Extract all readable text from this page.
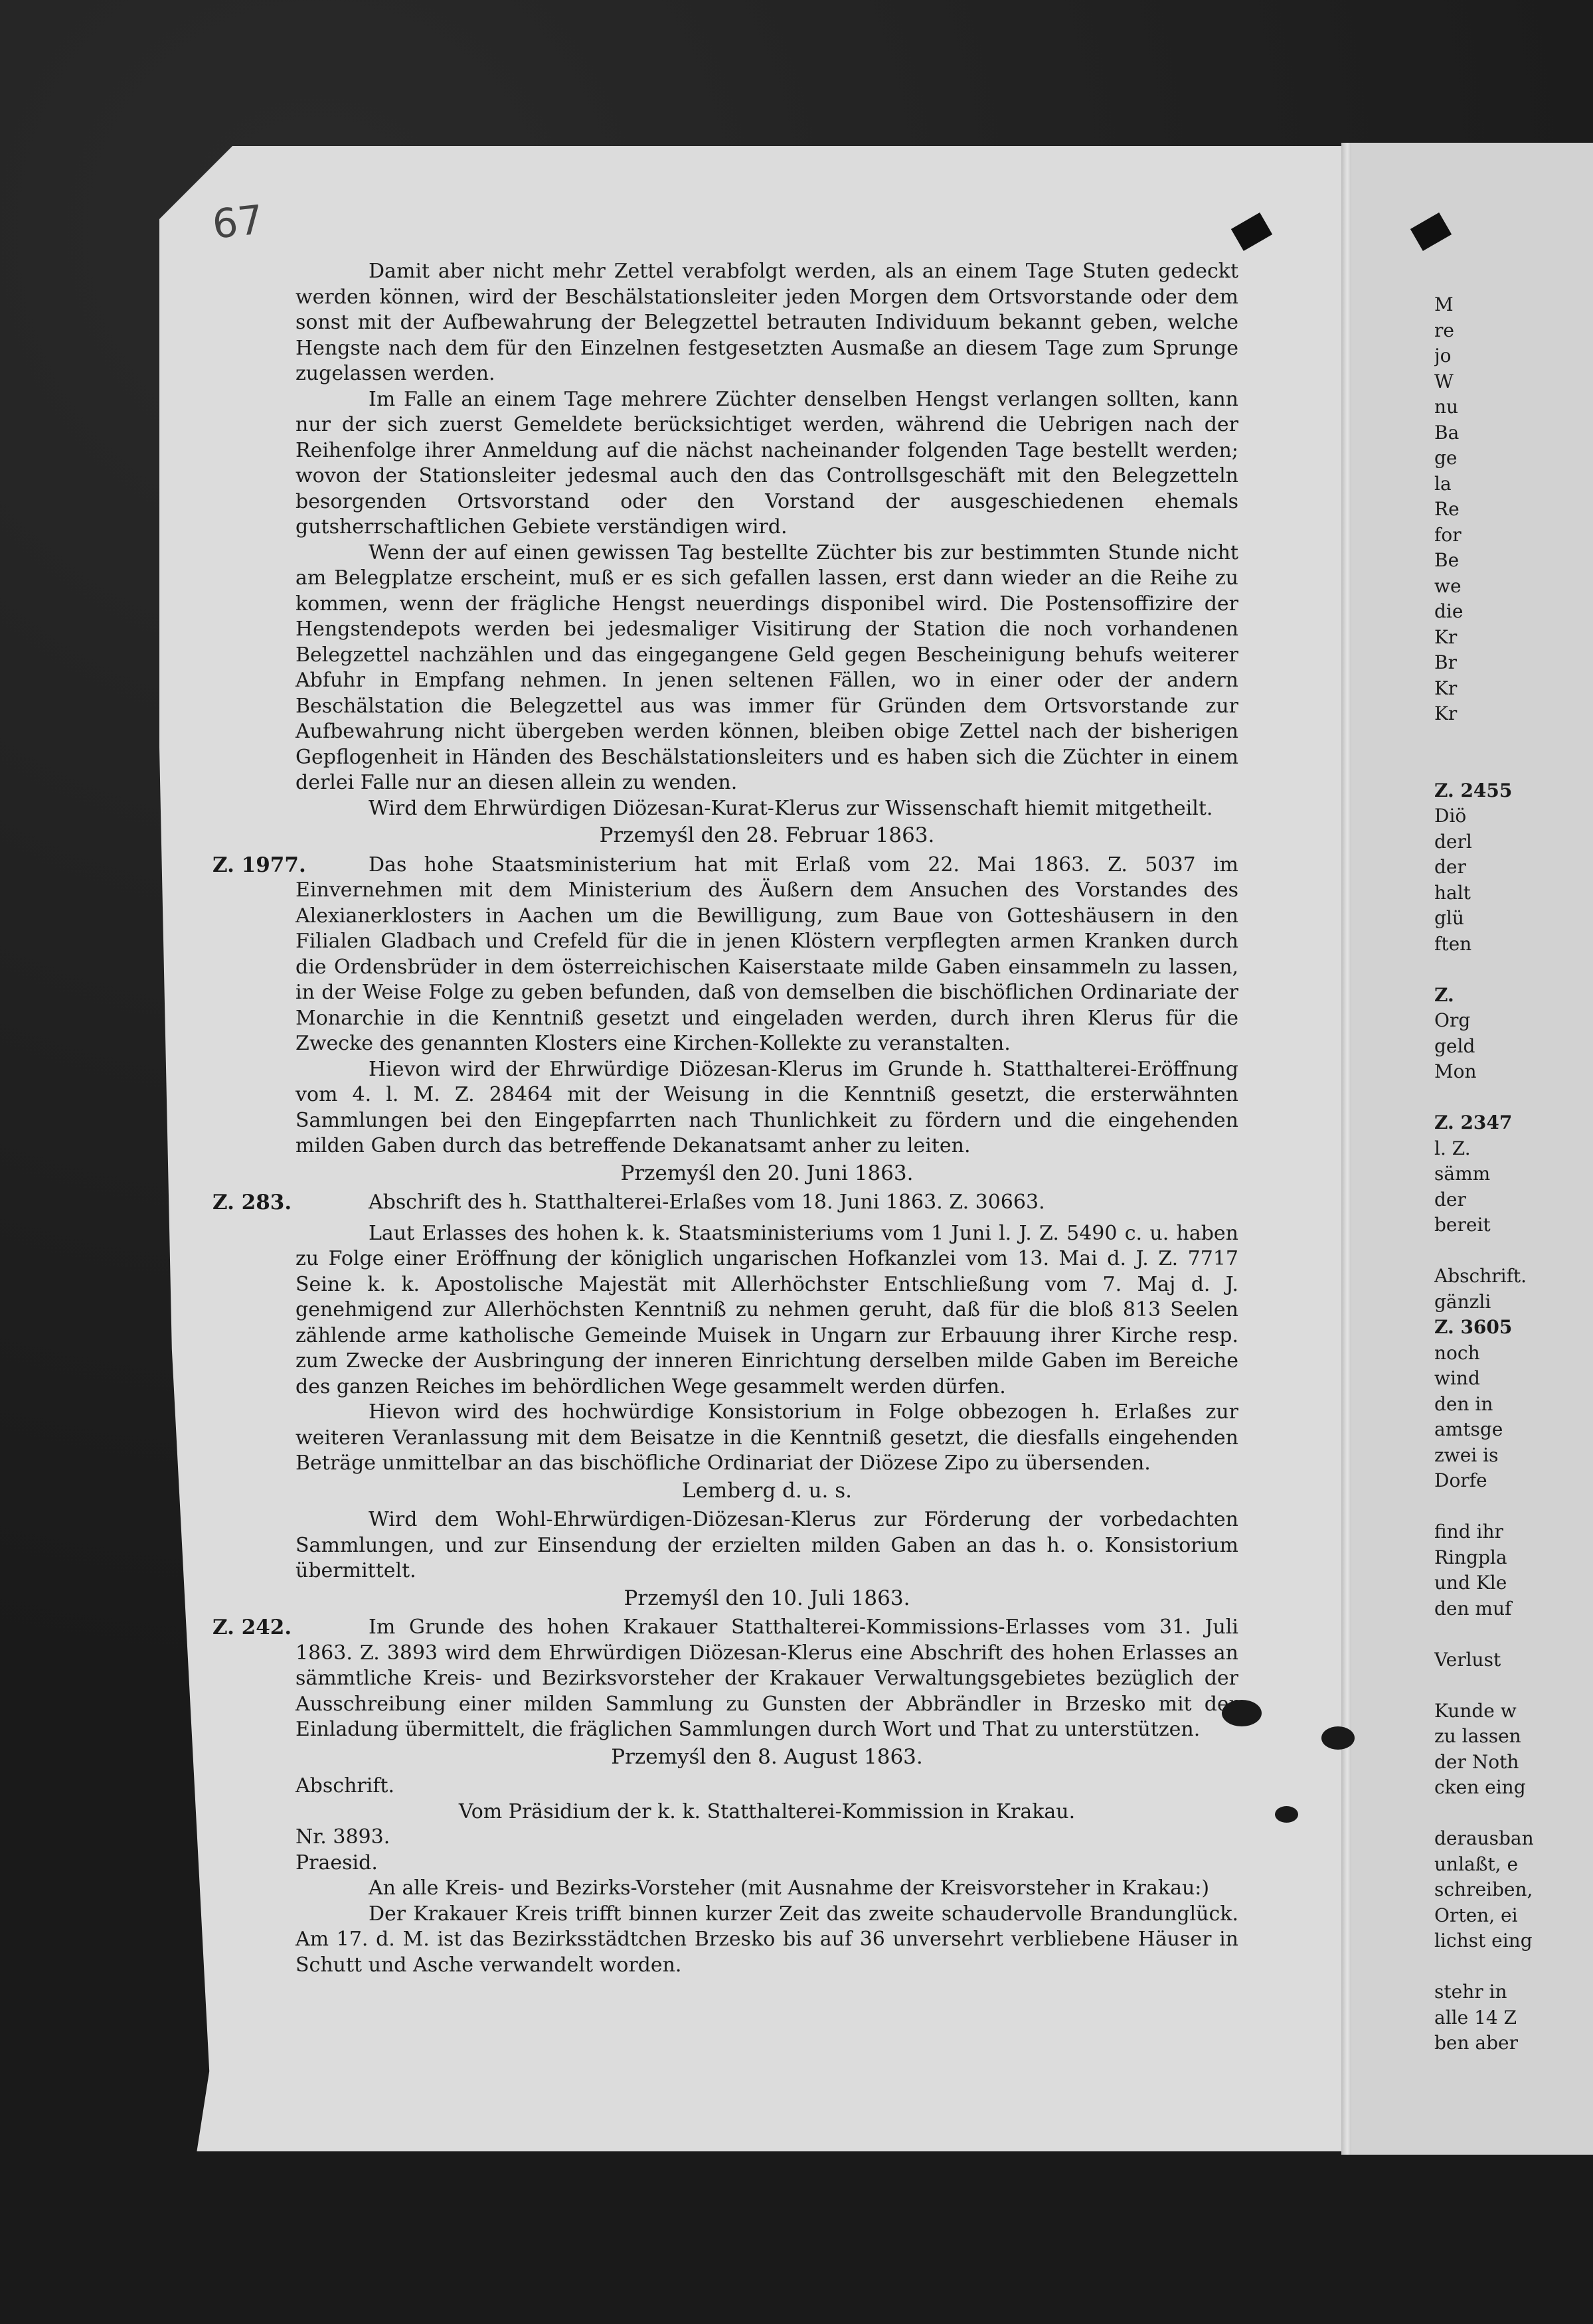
67

Damit aber nicht mehr Zettel verabfolgt werden, als an einem Tage Stuten gedeckt werden können, wird der Beschälstationsleiter jeden Morgen dem Ortsvorstande oder dem sonst mit der Aufbewahrung der Belegzettel betrauten Individuum bekannt geben, welche Hengste nach dem für den Einzelnen festgesetzten Ausmaße an diesem Tage zum Sprunge zugelassen werden.

Im Falle an einem Tage mehrere Züchter denselben Hengst verlangen sollten, kann nur der sich zuerst Gemeldete berücksichtiget werden, während die Uebrigen nach der Reihenfolge ihrer Anmeldung auf die nächst nacheinander folgenden Tage bestellt werden; wovon der Stationsleiter jedesmal auch den das Controllsgeschäft mit den Belegzetteln besorgenden Ortsvorstand oder den Vorstand der ausgeschiedenen ehemals gutsherrschaftlichen Gebiete verständigen wird.

Wenn der auf einen gewissen Tag bestellte Züchter bis zur bestimmten Stunde nicht am Belegplatze erscheint, muß er es sich gefallen lassen, erst dann wieder an die Reihe zu kommen, wenn der frägliche Hengst neuerdings disponibel wird. Die Postensoffizire der Hengstendepots werden bei jedesmaliger Visitirung der Station die noch vorhandenen Belegzettel nachzählen und das eingegangene Geld gegen Bescheinigung behufs weiterer Abfuhr in Empfang nehmen. In jenen seltenen Fällen, wo in einer oder der andern Beschälstation die Belegzettel aus was immer für Gründen dem Ortsvorstande zur Aufbewahrung nicht übergeben werden können, bleiben obige Zettel nach der bisherigen Gepflogenheit in Händen des Beschälstationsleiters und es haben sich die Züchter in einem derlei Falle nur an diesen allein zu wenden.

Wird dem Ehrwürdigen Diözesan-Kurat-Klerus zur Wissenschaft hiemit mitgetheilt.

Przemyśl den 28. Februar 1863.
Z. 1977.	Das hohe Staatsministerium hat mit Erlaß vom 22. Mai 1863. Z. 5037 im Einvernehmen mit dem Ministerium des Äußern dem Ansuchen des Vorstandes des Alexianerklosters in Aachen um die Bewilligung, zum Baue von Gotteshäusern in den Filialen Gladbach und Crefeld für die in jenen Klöstern verpflegten armen Kranken durch die Ordensbrüder in dem österreichischen Kaiserstaate milde Gaben einsammeln zu lassen, in der Weise Folge zu geben befunden, daß von demselben die bischöflichen Ordinariate der Monarchie in die Kenntniß gesetzt und eingeladen werden, durch ihren Klerus für die Zwecke des genannten Klosters eine Kirchen-Kollekte zu veranstalten.

Hievon wird der Ehrwürdige Diözesan-Klerus im Grunde h. Statthalterei-Eröffnung vom 4. l. M. Z. 28464 mit der Weisung in die Kenntniß gesetzt, die ersterwähnten Sammlungen bei den Eingepfarrten nach Thunlichkeit zu fördern und die eingehenden milden Gaben durch das betreffende Dekanatsamt anher zu leiten.

Przemyśl den 20. Juni 1863.
Z. 283.	Abschrift des h. Statthalterei-Erlaßes vom 18. Juni 1863. Z. 30663.

Laut Erlasses des hohen k. k. Staatsministeriums vom 1 Juni l. J. Z. 5490 c. u. haben zu Folge einer Eröffnung der königlich ungarischen Hofkanzlei vom 13. Mai d. J. Z. 7717 Seine k. k. Apostolische Majestät mit Allerhöchster Entschließung vom 7. Maj d. J. genehmigend zur Allerhöchsten Kenntniß zu nehmen geruht, daß für die bloß 813 Seelen zählende arme katholische Gemeinde Muisek in Ungarn zur Erbauung ihrer Kirche resp. zum Zwecke der Ausbringung der inneren Einrichtung derselben milde Gaben im Bereiche des ganzen Reiches im behördlichen Wege gesammelt werden dürfen.

Hievon wird des hochwürdige Konsistorium in Folge obbezogen h. Erlaßes zur weiteren Veranlassung mit dem Beisatze in die Kenntniß gesetzt, die diesfalls eingehenden Beträge unmittelbar an das bischöfliche Ordinariat der Diözese Zipo zu übersenden.

Lemberg d. u. s.

Wird dem Wohl-Ehrwürdigen-Diözesan-Klerus zur Förderung der vorbedachten Sammlungen, und zur Einsendung der erzielten milden Gaben an das h. o. Konsistorium übermittelt.

Przemyśl den 10. Juli 1863.
Z. 242.	Im Grunde des hohen Krakauer Statthalterei-Kommissions-Erlasses vom 31. Juli 1863. Z. 3893 wird dem Ehrwürdigen Diözesan-Klerus eine Abschrift des hohen Erlasses an sämmtliche Kreis- und Bezirksvorsteher der Krakauer Verwaltungsgebietes bezüglich der Ausschreibung einer milden Sammlung zu Gunsten der Abbrändler in Brzesko mit der Einladung übermittelt, die fräglichen Sammlungen durch Wort und That zu unterstützen.

Przemyśl den 8. August 1863.

Abschrift.

Vom Präsidium der k. k. Statthalterei-Kommission in Krakau.

Nr. 3893.

Praesid.

An alle Kreis- und Bezirks-Vorsteher (mit Ausnahme der Kreisvorsteher in Krakau:)

Der Krakauer Kreis trifft binnen kurzer Zeit das zweite schaudervolle Brandunglück. Am 17. d. M. ist das Bezirksstädtchen Brzesko bis auf 36 unversehrt verbliebene Häuser in Schutt und Asche verwandelt worden.

M
re
jo
W
nu
Ba
ge
la
Re
for
Be
we
die
Kr
Br
Kr
Kr

Z. 2455
Diö
derl
der
halt
glü
ften

Z.
Org
geld
Mon

Z. 2347
l. Z.
sämm
der
bereit

Abschrift.
gänzli
Z. 3605
noch
wind
den in
amtsge
zwei is
Dorfe

find ihr
Ringpla
und Kle
den muf

Verlust

Kunde w
zu lassen
der Noth
cken eing

derausban
unlaßt, e
schreiben,
Orten, ei
lichst eing

stehr in
alle 14 Z
ben aber
